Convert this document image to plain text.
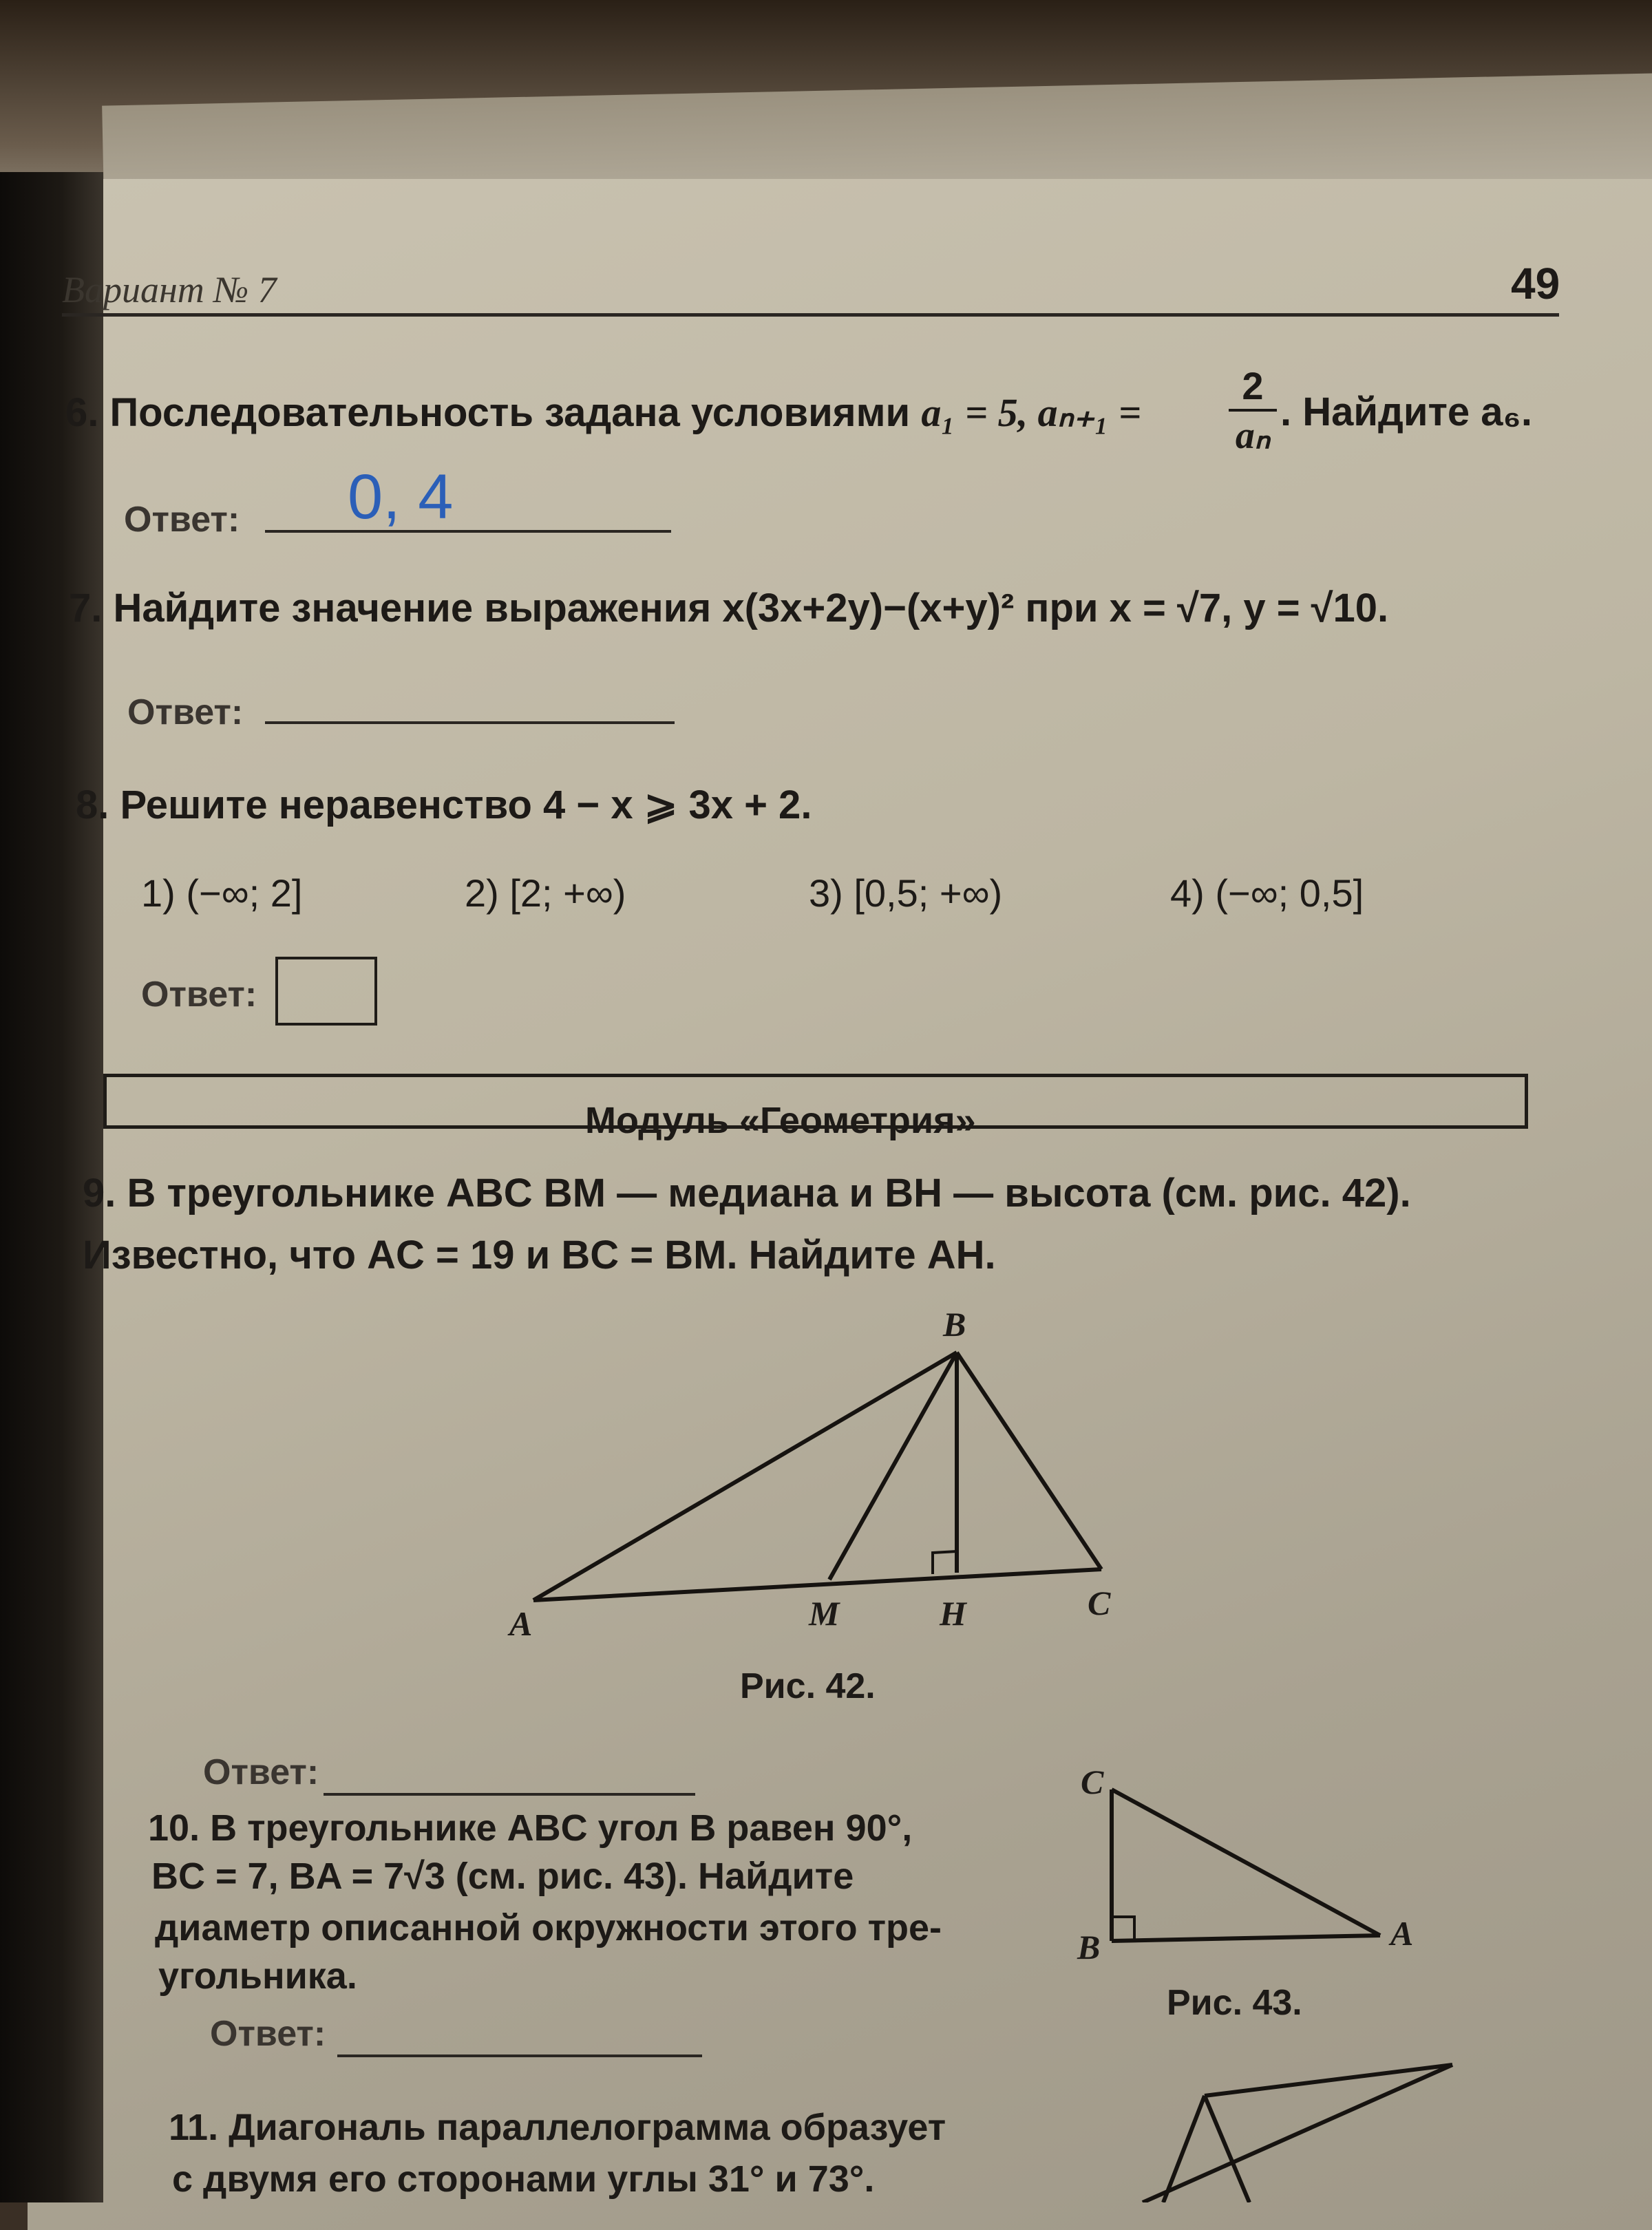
Вариант № 7	49
6. Последовательность задана условиями a₁ = 5, $a_{n+1} = \frac{2}{\text{aₙ}}$ . Найдите a₆.
Ответ: 0, 4
7. Найдите значение выражения x(3x+2y)−(x+y)² при x = √7, y = √10.
Ответ:
8. Решите неравенство 4 − x ⩾ 3x + 2.
1) (−∞; 2]	2) [2; +∞)	3) [0,5; +∞)	4) (−∞; 0,5]
Ответ:
Модуль «Геометрия»
9. В треугольнике ABC BM — медиана и BH — высота (см. рис. 42).
Известно, что AC = 19 и BC = BM. Найдите AH.
B
A	M	H	C
Рис. 42.
Ответ:
10. В треугольнике ABC угол B равен 90°,
BC = 7, BA = 7√3 (см. рис. 43). Найдите
диаметр описанной окружности этого тре-
угольника.
Ответ:
C
B	A
Рис. 43.
11. Диагональ параллелограмма образует
с двумя его сторонами углы 31° и 73°.
